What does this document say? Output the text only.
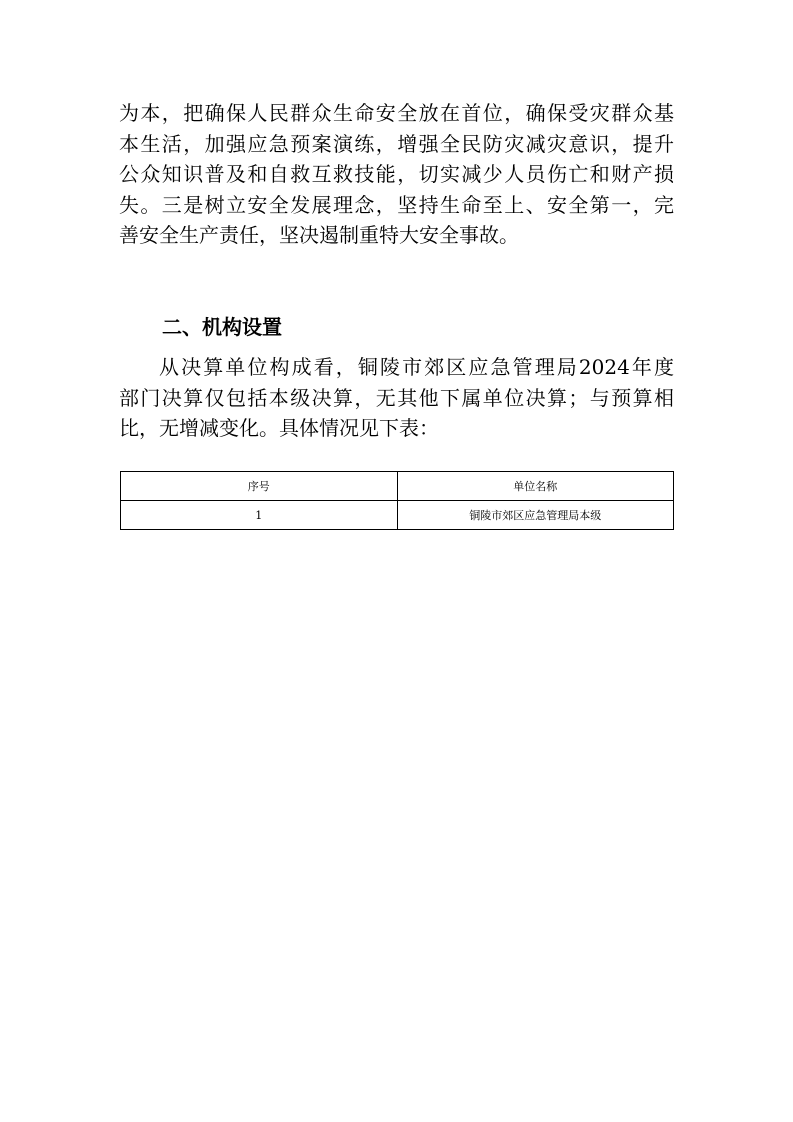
为本，把确保人民群众生命安全放在首位，确保受灾群众基
本生活，加强应急预案演练，增强全民防灾减灾意识，提升
公众知识普及和自救互救技能，切实减少人员伤亡和财产损
失。三是树立安全发展理念，坚持生命至上、安全第一，完
善安全生产责任，坚决遏制重特大安全事故。
二、机构设置
从决算单位构成看，铜陵市郊区应急管理局2024年度
部门决算仅包括本级决算，无其他下属单位决算；与预算相
比，无增减变化。具体情况见下表：
序号	单位名称
1	铜陵市郊区应急管理局本级
